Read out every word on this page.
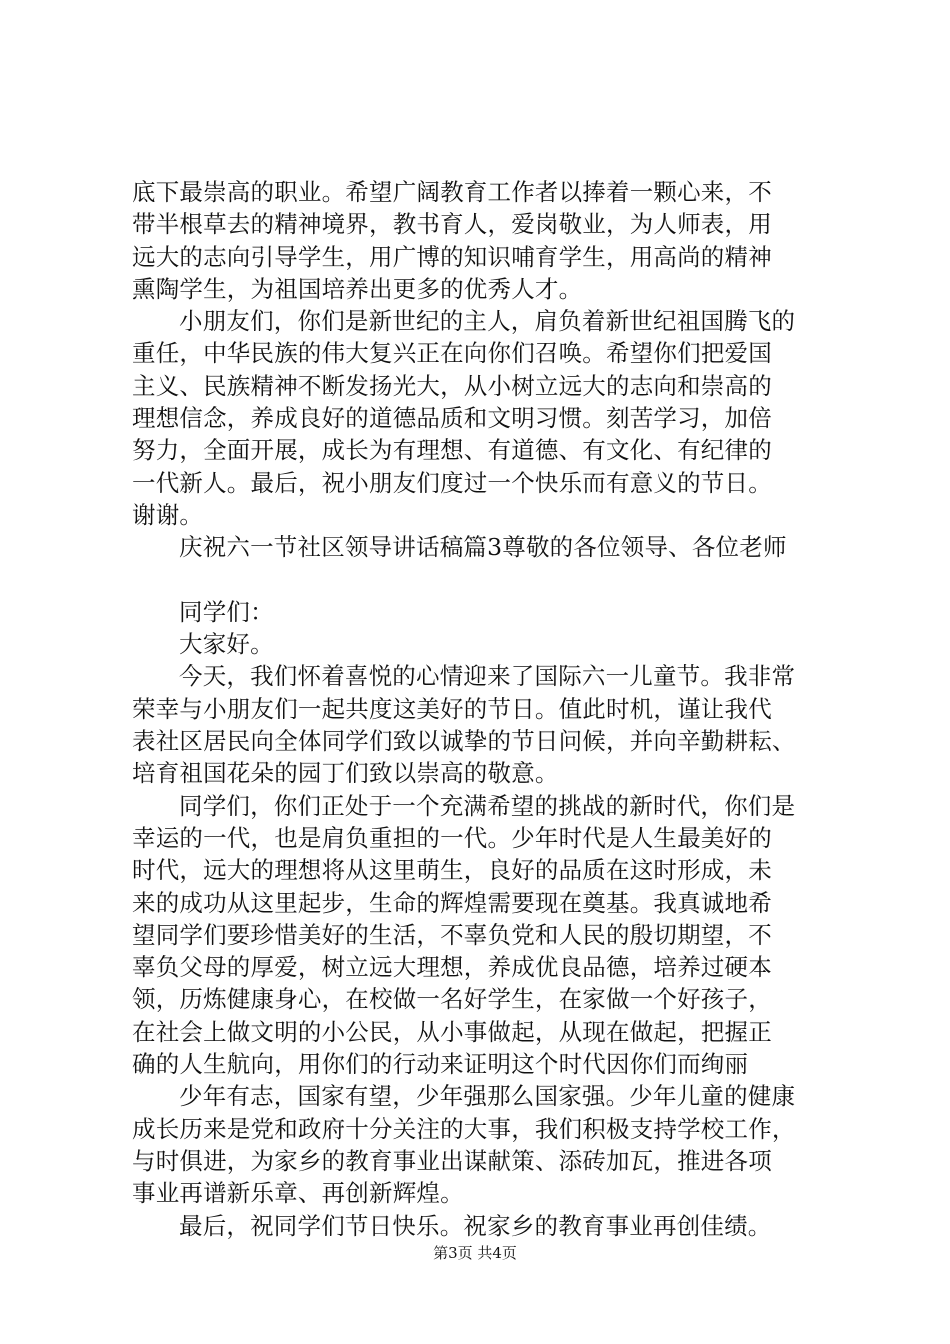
底下最崇高的职业。希望广阔教育工作者以捧着一颗心来，不
带半根草去的精神境界，教书育人，爱岗敬业，为人师表，用
远大的志向引导学生，用广博的知识哺育学生，用高尚的精神
熏陶学生，为祖国培养出更多的优秀人才。
小朋友们，你们是新世纪的主人，肩负着新世纪祖国腾飞的
重任，中华民族的伟大复兴正在向你们召唤。希望你们把爱国
主义、民族精神不断发扬光大，从小树立远大的志向和崇高的
理想信念，养成良好的道德品质和文明习惯。刻苦学习，加倍
努力，全面开展，成长为有理想、有道德、有文化、有纪律的
一代新人。最后，祝小朋友们度过一个快乐而有意义的节日。
谢谢。
庆祝六一节社区领导讲话稿篇3尊敬的各位领导、各位老师
同学们：
大家好。
今天，我们怀着喜悦的心情迎来了国际六一儿童节。我非常
荣幸与小朋友们一起共度这美好的节日。值此时机，谨让我代
表社区居民向全体同学们致以诚挚的节日问候，并向辛勤耕耘、
培育祖国花朵的园丁们致以崇高的敬意。
同学们，你们正处于一个充满希望的挑战的新时代，你们是
幸运的一代，也是肩负重担的一代。少年时代是人生最美好的
时代，远大的理想将从这里萌生，良好的品质在这时形成，未
来的成功从这里起步，生命的辉煌需要现在奠基。我真诚地希
望同学们要珍惜美好的生活，不辜负党和人民的殷切期望，不
辜负父母的厚爱，树立远大理想，养成优良品德，培养过硬本
领，历炼健康身心，在校做一名好学生，在家做一个好孩子，
在社会上做文明的小公民，从小事做起，从现在做起，把握正
确的人生航向，用你们的行动来证明这个时代因你们而绚丽
少年有志，国家有望，少年强那么国家强。少年儿童的健康
成长历来是党和政府十分关注的大事，我们积极支持学校工作，
与时俱进，为家乡的教育事业出谋献策、添砖加瓦，推进各项
事业再谱新乐章、再创新辉煌。
最后，祝同学们节日快乐。祝家乡的教育事业再创佳绩。
第3页 共4页
